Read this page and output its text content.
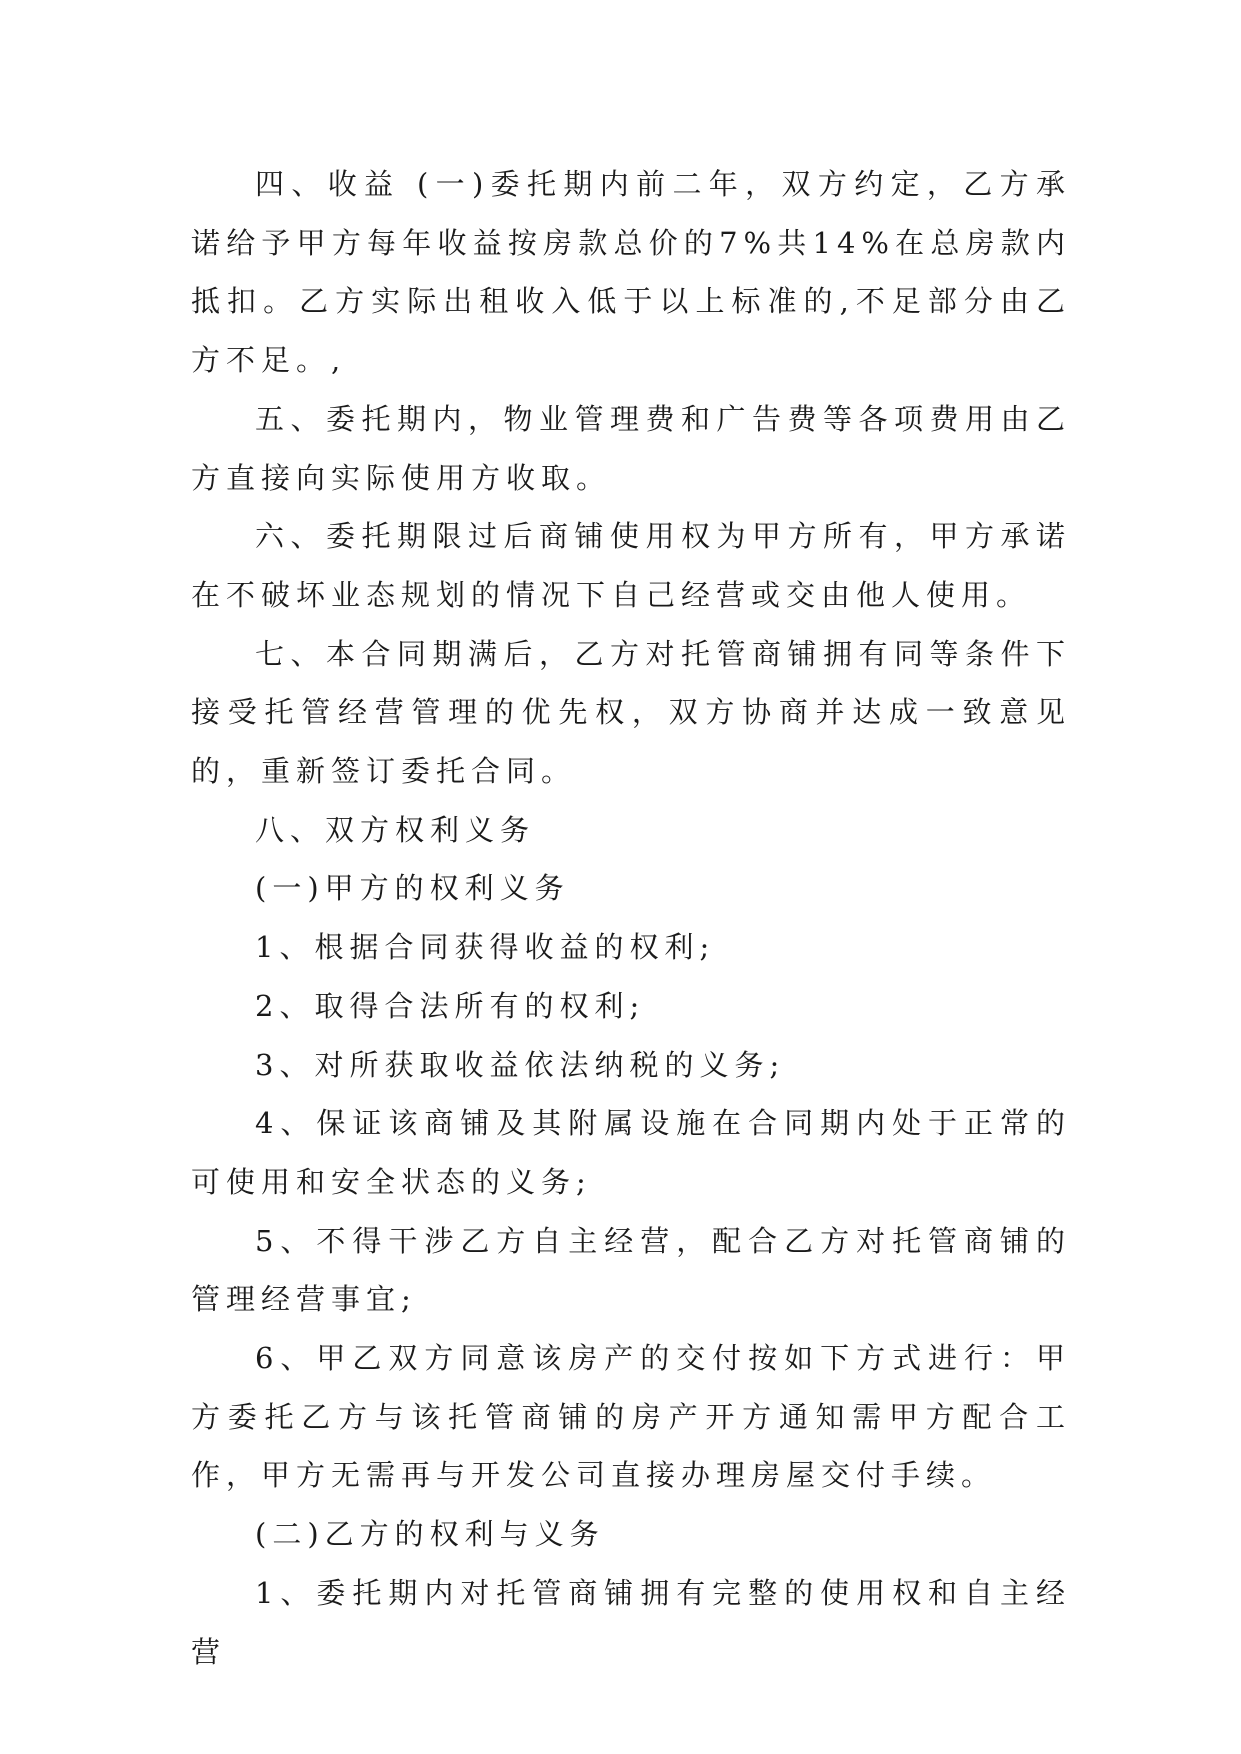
四、收益 (一)委托期内前二年，双方约定，乙方承诺给予甲方每年收益按房款总价的7%共14%在总房款内抵扣。乙方实际出租收入低于以上标准的,不足部分由乙方不足。,

五、委托期内，物业管理费和广告费等各项费用由乙方直接向实际使用方收取。

六、委托期限过后商铺使用权为甲方所有，甲方承诺在不破坏业态规划的情况下自己经营或交由他人使用。

七、本合同期满后，乙方对托管商铺拥有同等条件下接受托管经营管理的优先权，双方协商并达成一致意见的，重新签订委托合同。

八、双方权利义务

(一)甲方的权利义务

1、根据合同获得收益的权利;

2、取得合法所有的权利;

3、对所获取收益依法纳税的义务;

4、保证该商铺及其附属设施在合同期内处于正常的可使用和安全状态的义务;

5、不得干涉乙方自主经营，配合乙方对托管商铺的管理经营事宜;

6、甲乙双方同意该房产的交付按如下方式进行：甲方委托乙方与该托管商铺的房产开方通知需甲方配合工作，甲方无需再与开发公司直接办理房屋交付手续。

(二)乙方的权利与义务

1、委托期内对托管商铺拥有完整的使用权和自主经营
